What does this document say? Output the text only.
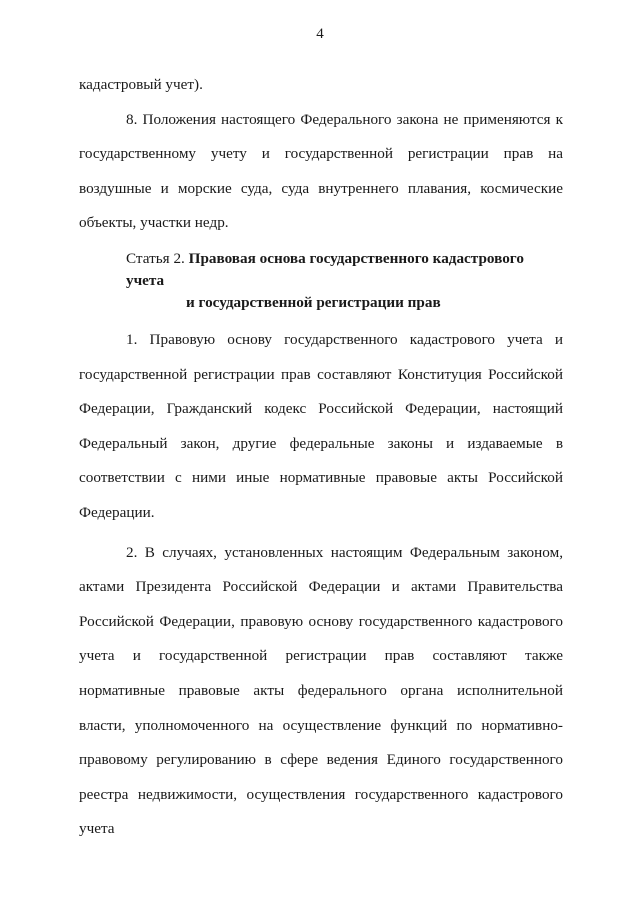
4

кадастровый учет).

8. Положения настоящего Федерального закона не применяются к государственному учету и государственной регистрации прав на воздушные и морские суда, суда внутреннего плавания, космические объекты, участки недр.

Статья 2. Правовая основа государственного кадастрового учета
и государственной регистрации прав

1. Правовую основу государственного кадастрового учета и государственной регистрации прав составляют Конституция Российской Федерации, Гражданский кодекс Российской Федерации, настоящий Федеральный закон, другие федеральные законы и издаваемые в соответствии с ними иные нормативные правовые акты Российской Федерации.

2. В случаях, установленных настоящим Федеральным законом, актами Президента Российской Федерации и актами Правительства Российской Федерации, правовую основу государственного кадастрового учета и государственной регистрации прав составляют также нормативные правовые акты федерального органа исполнительной власти, уполномоченного на осуществление функций по нормативно-правовому регулированию в сфере ведения Единого государственного реестра недвижимости, осуществления государственного кадастрового учета
